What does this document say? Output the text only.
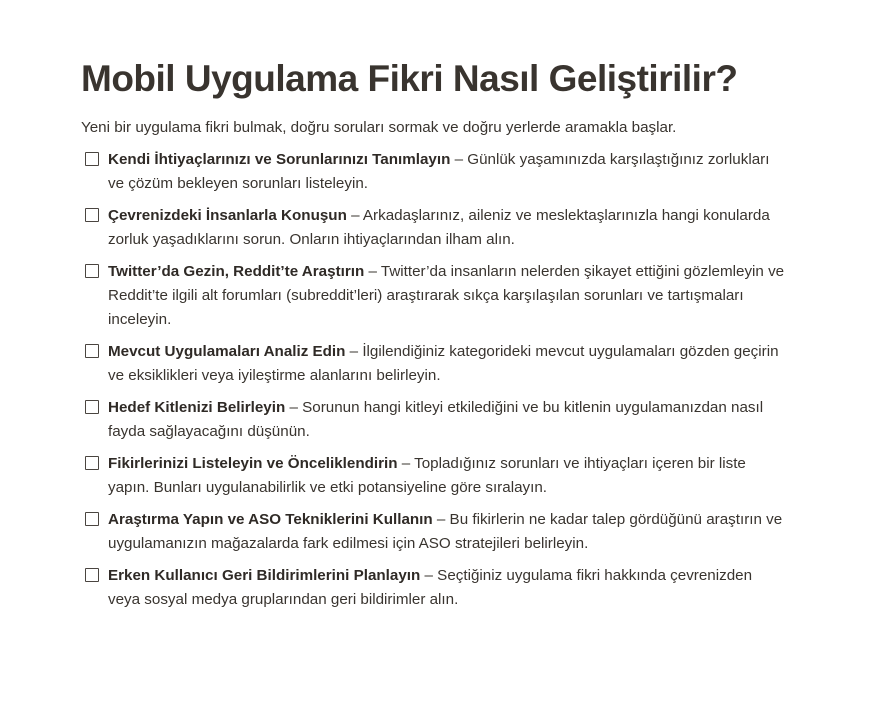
Mobil Uygulama Fikri Nasıl Geliştirilir?

Yeni bir uygulama fikri bulmak, doğru soruları sormak ve doğru yerlerde aramakla başlar.

Kendi İhtiyaçlarınızı ve Sorunlarınızı Tanımlayın – Günlük yaşamınızda karşılaştığınız zorlukları ve çözüm bekleyen sorunları listeleyin.
Çevrenizdeki İnsanlarla Konuşun – Arkadaşlarınız, aileniz ve meslektaşlarınızla hangi konularda zorluk yaşadıklarını sorun. Onların ihtiyaçlarından ilham alın.
Twitter’da Gezin, Reddit’te Araştırın – Twitter’da insanların nelerden şikayet ettiğini gözlemleyin ve Reddit’te ilgili alt forumları (subreddit’leri) araştırarak sıkça karşılaşılan sorunları ve tartışmaları inceleyin.
Mevcut Uygulamaları Analiz Edin – İlgilendiğiniz kategorideki mevcut uygulamaları gözden geçirin ve eksiklikleri veya iyileştirme alanlarını belirleyin.
Hedef Kitlenizi Belirleyin – Sorunun hangi kitleyi etkilediğini ve bu kitlenin uygulamanızdan nasıl fayda sağlayacağını düşünün.
Fikirlerinizi Listeleyin ve Önceliklendirin – Topladığınız sorunları ve ihtiyaçları içeren bir liste yapın. Bunları uygulanabilirlik ve etki potansiyeline göre sıralayın.
Araştırma Yapın ve ASO Tekniklerini Kullanın – Bu fikirlerin ne kadar talep gördüğünü araştırın ve uygulamanızın mağazalarda fark edilmesi için ASO stratejileri belirleyin.
Erken Kullanıcı Geri Bildirimlerini Planlayın – Seçtiğiniz uygulama fikri hakkında çevrenizden veya sosyal medya gruplarından geri bildirimler alın.
